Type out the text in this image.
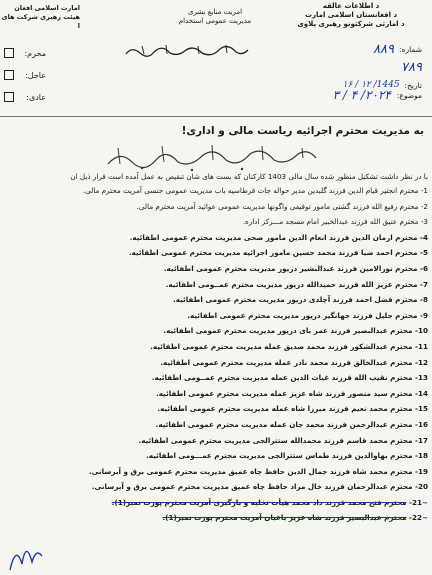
د اطلاعات عالقه
د افغانستان اسلامی امارت
د امارتی شرکتونو رهبری پلاوی
امریت منابع بشری
مدیریت عمومی استخدام
امارت اسلامی افغان
هیئت رهبری شرکت های ا
محرم:
عاجل:
عادی:
شماره:
۸۸۹
۷۸۹
تاریخ:
1445/ ۱۲ / ۱۶
موضوع:
۲۰۲۴/ ۴ / ۳
به مدیریت محترم اجرائیه ریاست مالی و اداری!
با در نظر داشت تشکیل منظور شده سال مالی 1403 کارکنان که بست های شان تنقیص به عمل آمده است قرار ذیل ان
1- محترم انجنیر قیام الدین فرزند گلبدین مدیر حواله جات قرطاسیه باب مدیریت عمومی جنسی آمریت محترم مالی.
2- محترم رفیع الله فرزند گشتی مامور توقیفی واگونها مدیریت عمومی عوائید آمریت محترم مالی.
3- محترم عتیق الله فرزند عبدالخبیر امام مسجد مـــرکز اداره.
4- محترم ارمان الدین فرزند انعام الدین مامور صحی مدیریت محترم عمومی اطفائیه.
5- محترم احمد ضیا فرزند محمد حسین مامور اجرائیه مدیریت محترم عمومی اطفائیه.
6- محترم نورالامین فرزند عبدالبشیر دریور مدیریت محترم عمومی اطفائیه.
7- محترم عزیز الله فرزند حمیدالله دریور مدیریت محترم عمــومی اطفائیه.
8- محترم فضل احمد فرزند آچلدی دریور مدیریت محترم عمومی اطفائیه.
9- محترم جلیل فرزند جهانگیر دریور مدیریت محترم عمومی اطفائیه.
10- محترم عبدالبصیر فرزند عمر بای دریور مدیریت محترم عمومی اطفائیه.
11- محترم عبدالشکور فرزند محمد صدیق عمله مدیریت محترم عمومی اطفائیه.
12- محترم عبدالخالق فرزند محمد نادر عمله مدیریت محترم عمومی اطفائیه.
13- محترم نقیب الله فرزند غیاث الدین عمله مدیریت محترم عمــومی اطفائیه.
14- محترم سید منصور فرزند شاه عزیز عمله مدیریت محترم عمومی اطفائیه.
15- محترم محمد نعیم فرزند میرزا شاه عمله مدیریت محترم عمومی اطفائیه.
16- محترم عبدالرحمن فرزند محمد جان عمله مدیریت محترم عمومی اطفائیه.
17- محترم محمد قاسم فرزند محمدالله ستترالجی مدیریت محترم عمومی اطفائیه.
18- محترم بهاوالدین فرزند طماس ستترالجی مدیریت محترم عمـــومی اطفائیه.
19- محترم محمد شاه فرزند جمال الدین حافظ چاه عمیق مدیریت محترم عمومی برق و آبرسانی.
20- محترم عبدالرحمان فرزند خال مراد حافظ چاه عمیق مدیریت محترم عمومی برق و آبرسانی.
~21- محترم فتح محمد فرزند داد محمد هیأت تخلیه و بارگیری آمریت محترم پورت نمبر(1).
~22- محترم عبدالبصیر فرزند شاه عزیز باغبان آمریت محترم پورت نمبر(1).
